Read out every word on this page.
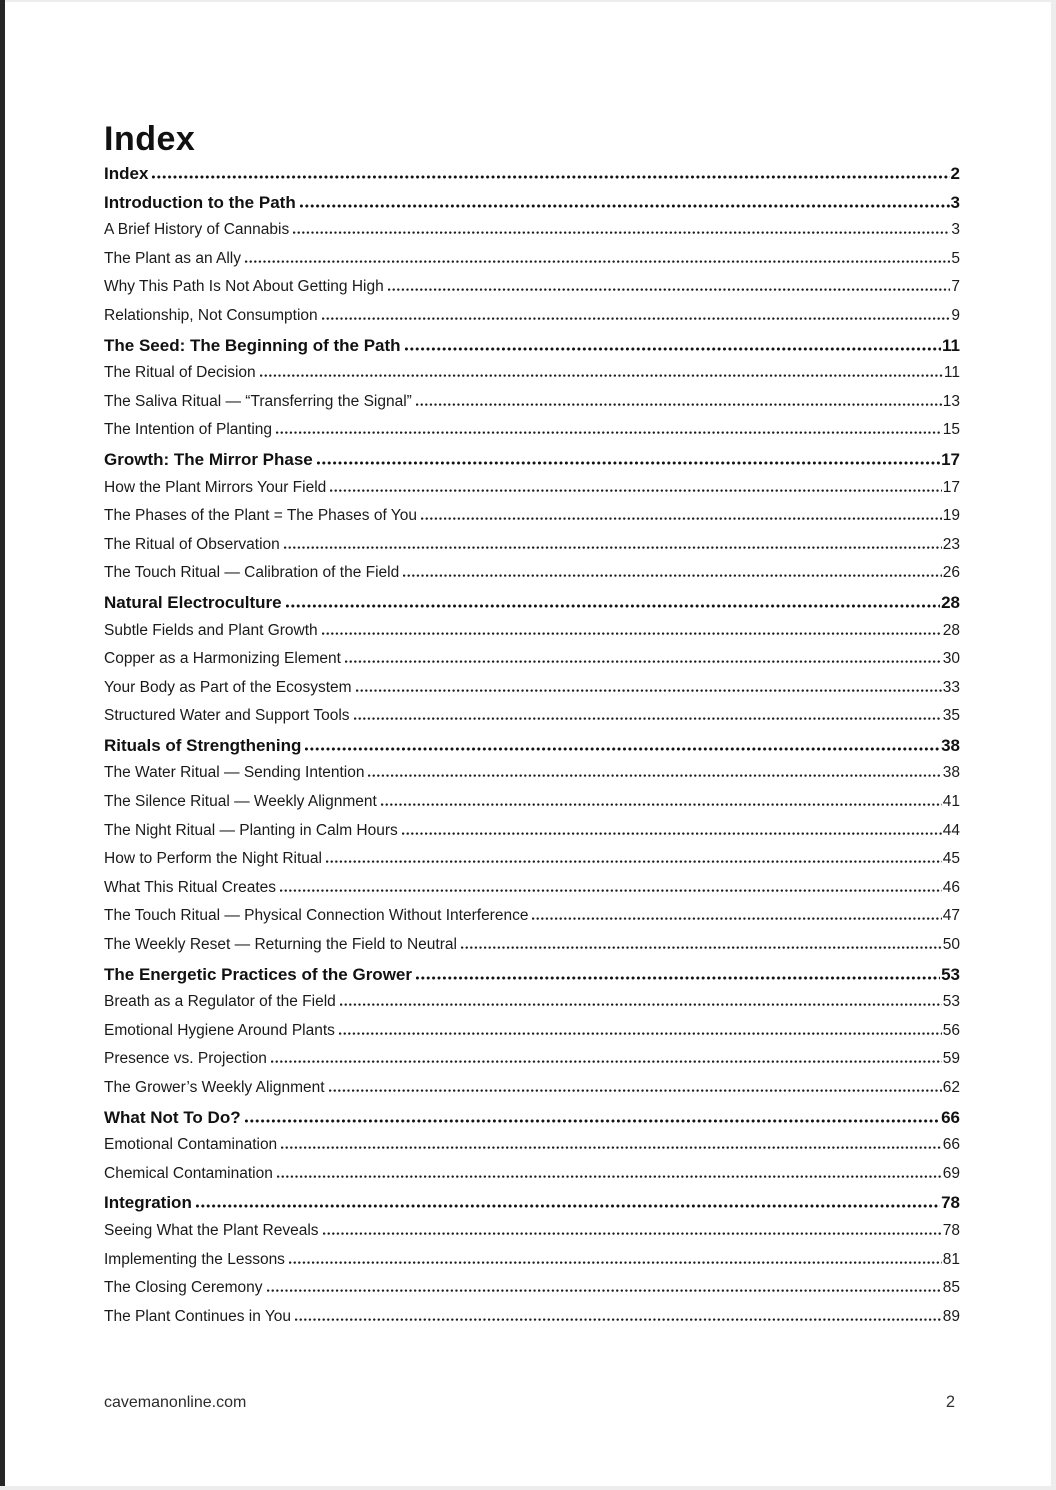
Index
Index	2
Introduction to the Path	3
A Brief History of Cannabis	3
The Plant as an Ally	5
Why This Path Is Not About Getting High	7
Relationship, Not Consumption	9
The Seed: The Beginning of the Path	11
The Ritual of Decision	11
The Saliva Ritual — “Transferring the Signal”	13
The Intention of Planting	15
Growth: The Mirror Phase	17
How the Plant Mirrors Your Field	17
The Phases of the Plant = The Phases of You	19
The Ritual of Observation	23
The Touch Ritual — Calibration of the Field	26
Natural Electroculture	28
Subtle Fields and Plant Growth	28
Copper as a Harmonizing Element	30
Your Body as Part of the Ecosystem	33
Structured Water and Support Tools	35
Rituals of Strengthening	38
The Water Ritual — Sending Intention	38
The Silence Ritual — Weekly Alignment	41
The Night Ritual — Planting in Calm Hours	44
How to Perform the Night Ritual	45
What This Ritual Creates	46
The Touch Ritual — Physical Connection Without Interference	47
The Weekly Reset — Returning the Field to Neutral	50
The Energetic Practices of the Grower	53
Breath as a Regulator of the Field	53
Emotional Hygiene Around Plants	56
Presence vs. Projection	59
The Grower’s Weekly Alignment	62
What Not To Do?	66
Emotional Contamination	66
Chemical Contamination	69
Integration	78
Seeing What the Plant Reveals	78
Implementing the Lessons	81
The Closing Ceremony	85
The Plant Continues in You	89
cavemanonline.com	2
